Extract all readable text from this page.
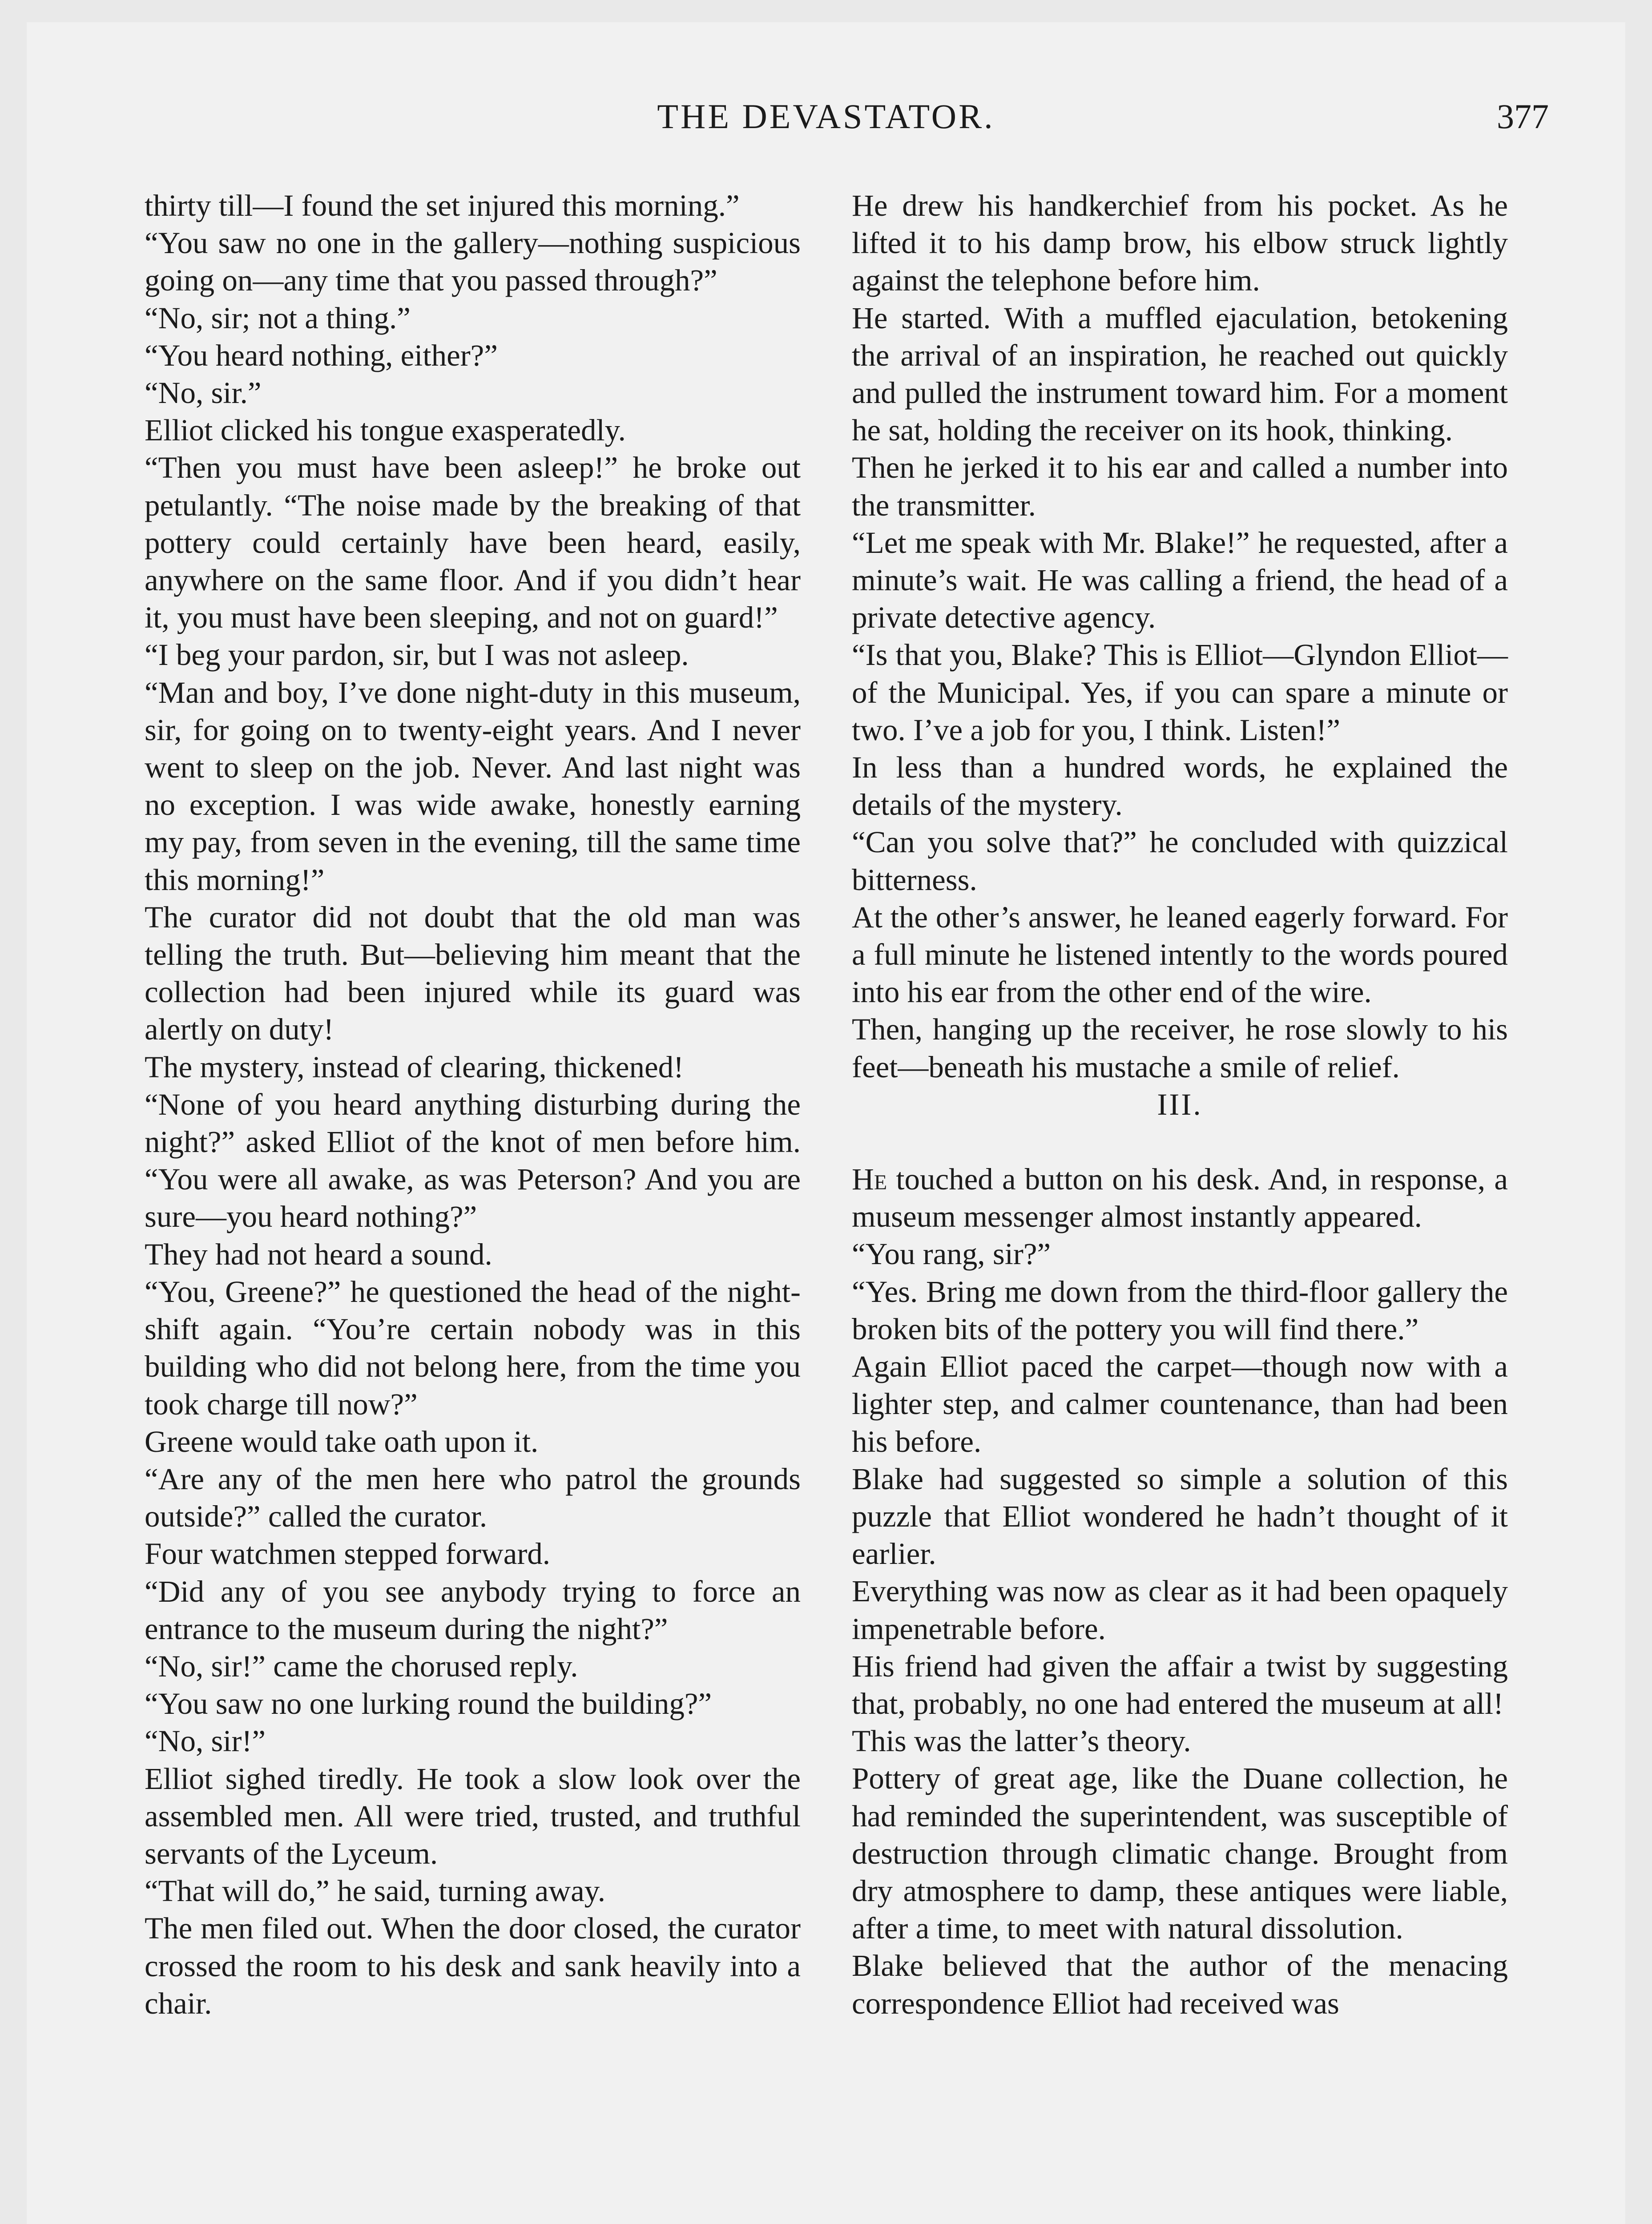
THE DEVASTATOR.	377

thirty till—I found the set injured this morning.”

“You saw no one in the gallery—nothing suspicious going on—any time that you passed through?”

“No, sir; not a thing.”

“You heard nothing, either?”

“No, sir.”

Elliot clicked his tongue exasperatedly.

“Then you must have been asleep!” he broke out petulantly. “The noise made by the breaking of that pottery could certainly have been heard, easily, anywhere on the same floor. And if you didn’t hear it, you must have been sleeping, and not on guard!”

“I beg your pardon, sir, but I was not asleep.

“Man and boy, I’ve done night-duty in this museum, sir, for going on to twenty-eight years. And I never went to sleep on the job. Never. And last night was no exception. I was wide awake, honestly earning my pay, from seven in the evening, till the same time this morning!”

The curator did not doubt that the old man was telling the truth. But—believing him meant that the collection had been injured while its guard was alertly on duty!

The mystery, instead of clearing, thickened!

“None of you heard anything disturbing during the night?” asked Elliot of the knot of men before him. “You were all awake, as was Peterson? And you are sure—you heard nothing?”

They had not heard a sound.

“You, Greene?” he questioned the head of the night-shift again. “You’re certain nobody was in this building who did not belong here, from the time you took charge till now?”

Greene would take oath upon it.

“Are any of the men here who patrol the grounds outside?” called the curator.

Four watchmen stepped forward.

“Did any of you see anybody trying to force an entrance to the museum during the night?”

“No, sir!” came the chorused reply.

“You saw no one lurking round the building?”

“No, sir!”

Elliot sighed tiredly. He took a slow look over the assembled men. All were tried, trusted, and truthful servants of the Lyceum.

“That will do,” he said, turning away.

The men filed out. When the door closed, the curator crossed the room to his desk and sank heavily into a chair.

He drew his handkerchief from his pocket. As he lifted it to his damp brow, his elbow struck lightly against the telephone before him.

He started. With a muffled ejaculation, betokening the arrival of an inspiration, he reached out quickly and pulled the instrument toward him. For a moment he sat, holding the receiver on its hook, thinking.

Then he jerked it to his ear and called a number into the transmitter.

“Let me speak with Mr. Blake!” he requested, after a minute’s wait. He was calling a friend, the head of a private detective agency.

“Is that you, Blake? This is Elliot—Glyndon Elliot—of the Municipal. Yes, if you can spare a minute or two. I’ve a job for you, I think. Listen!”

In less than a hundred words, he explained the details of the mystery.

“Can you solve that?” he concluded with quizzical bitterness.

At the other’s answer, he leaned eagerly forward. For a full minute he listened intently to the words poured into his ear from the other end of the wire.

Then, hanging up the receiver, he rose slowly to his feet—beneath his mustache a smile of relief.

III.

He touched a button on his desk. And, in response, a museum messenger almost instantly appeared.

“You rang, sir?”

“Yes. Bring me down from the third-floor gallery the broken bits of the pottery you will find there.”

Again Elliot paced the carpet—though now with a lighter step, and calmer countenance, than had been his before.

Blake had suggested so simple a solution of this puzzle that Elliot wondered he hadn’t thought of it earlier.

Everything was now as clear as it had been opaquely impenetrable before.

His friend had given the affair a twist by suggesting that, probably, no one had entered the museum at all!

This was the latter’s theory.

Pottery of great age, like the Duane collection, he had reminded the superintendent, was susceptible of destruction through climatic change. Brought from dry atmosphere to damp, these antiques were liable, after a time, to meet with natural dissolution.

Blake believed that the author of the menacing correspondence Elliot had received was
